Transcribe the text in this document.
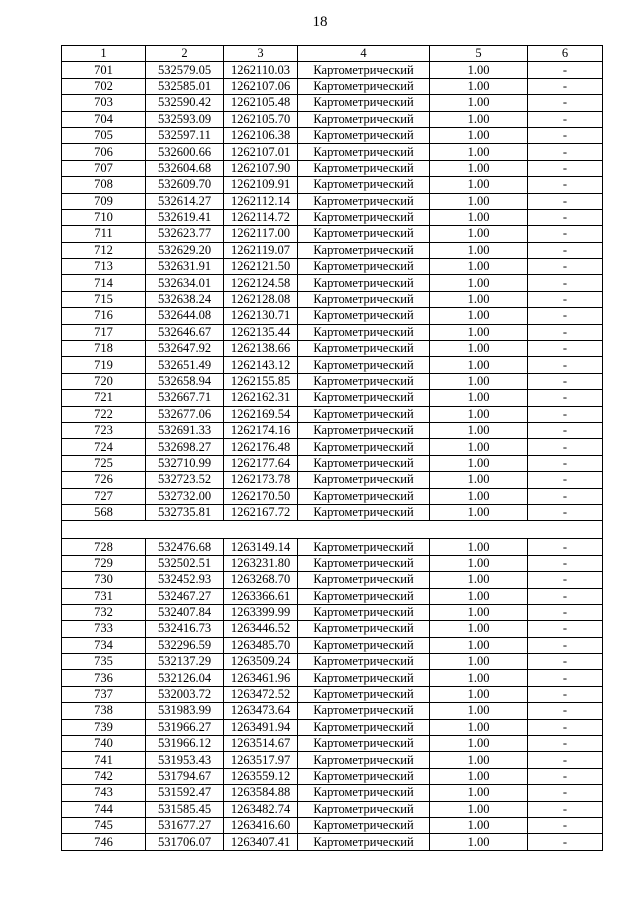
18
1	2	3	4	5	6
701	532579.05	1262110.03	Картометрический	1.00	-
702	532585.01	1262107.06	Картометрический	1.00	-
703	532590.42	1262105.48	Картометрический	1.00	-
704	532593.09	1262105.70	Картометрический	1.00	-
705	532597.11	1262106.38	Картометрический	1.00	-
706	532600.66	1262107.01	Картометрический	1.00	-
707	532604.68	1262107.90	Картометрический	1.00	-
708	532609.70	1262109.91	Картометрический	1.00	-
709	532614.27	1262112.14	Картометрический	1.00	-
710	532619.41	1262114.72	Картометрический	1.00	-
711	532623.77	1262117.00	Картометрический	1.00	-
712	532629.20	1262119.07	Картометрический	1.00	-
713	532631.91	1262121.50	Картометрический	1.00	-
714	532634.01	1262124.58	Картометрический	1.00	-
715	532638.24	1262128.08	Картометрический	1.00	-
716	532644.08	1262130.71	Картометрический	1.00	-
717	532646.67	1262135.44	Картометрический	1.00	-
718	532647.92	1262138.66	Картометрический	1.00	-
719	532651.49	1262143.12	Картометрический	1.00	-
720	532658.94	1262155.85	Картометрический	1.00	-
721	532667.71	1262162.31	Картометрический	1.00	-
722	532677.06	1262169.54	Картометрический	1.00	-
723	532691.33	1262174.16	Картометрический	1.00	-
724	532698.27	1262176.48	Картометрический	1.00	-
725	532710.99	1262177.64	Картометрический	1.00	-
726	532723.52	1262173.78	Картометрический	1.00	-
727	532732.00	1262170.50	Картометрический	1.00	-
568	532735.81	1262167.72	Картометрический	1.00	-

728	532476.68	1263149.14	Картометрический	1.00	-
729	532502.51	1263231.80	Картометрический	1.00	-
730	532452.93	1263268.70	Картометрический	1.00	-
731	532467.27	1263366.61	Картометрический	1.00	-
732	532407.84	1263399.99	Картометрический	1.00	-
733	532416.73	1263446.52	Картометрический	1.00	-
734	532296.59	1263485.70	Картометрический	1.00	-
735	532137.29	1263509.24	Картометрический	1.00	-
736	532126.04	1263461.96	Картометрический	1.00	-
737	532003.72	1263472.52	Картометрический	1.00	-
738	531983.99	1263473.64	Картометрический	1.00	-
739	531966.27	1263491.94	Картометрический	1.00	-
740	531966.12	1263514.67	Картометрический	1.00	-
741	531953.43	1263517.97	Картометрический	1.00	-
742	531794.67	1263559.12	Картометрический	1.00	-
743	531592.47	1263584.88	Картометрический	1.00	-
744	531585.45	1263482.74	Картометрический	1.00	-
745	531677.27	1263416.60	Картометрический	1.00	-
746	531706.07	1263407.41	Картометрический	1.00	-
